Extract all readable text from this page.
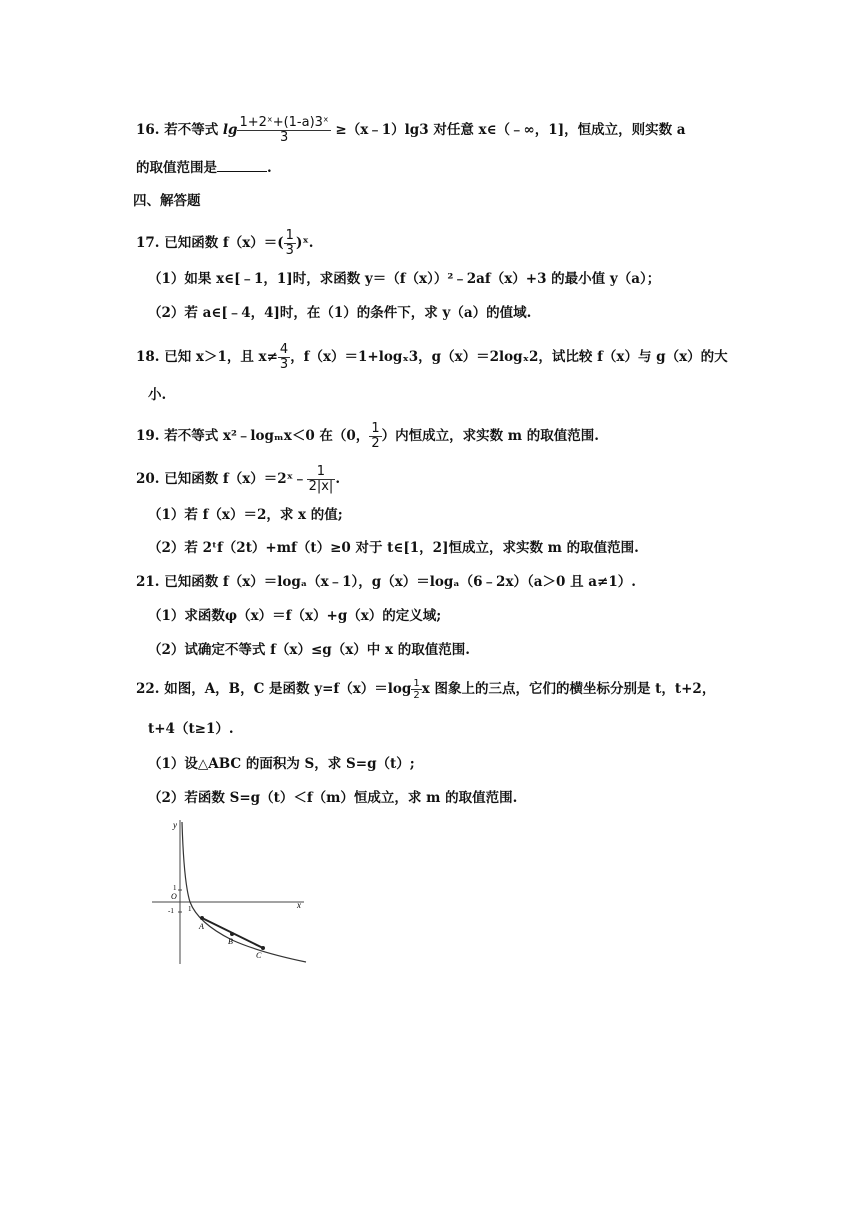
16. 若不等式 $\lg \frac{\text{1+2ˣ+(1-a)3ˣ}}{3}$ ≥（x﹣1）lg3 对任意 x∈（﹣∞，1]，恒成立，则实数 a
的取值范围是	.
四、解答题
17. 已知函数 $f(x)=( \frac{1}{3}$ )ˣ.
（1）如果 x∈[﹣1，1]时，求函数 y＝（f（x））²﹣2af（x）+3 的最小值 y（a）；
（2）若 a∈[﹣4，4]时，在（1）的条件下，求 y（a）的值域.
18. 已知 x＞1，且 $x\ne \frac{4}{3}$ ，f（x）＝1+logₓ3，g（x）＝2logₓ2，试比较 f（x）与 g（x）的大
小.
19. 若不等式 x²﹣logₘx＜0 在（0， $\frac{1}{2}$ ）内恒成立，求实数 m 的取值范围.
20. 已知函数 f（x）＝2ˣ﹣ $\frac{1}{2|x|}$ .
（1）若 f（x）＝2，求 x 的值;
（2）若 2ᵗf（2t）+mf（t）≥0 对于 t∈[1，2]恒成立，求实数 m 的取值范围.
21. 已知函数 f（x）＝logₐ（x﹣1），g（x）＝logₐ（6﹣2x）（a＞0 且 a≠1）.
（1）求函数φ（x）＝f（x）+g（x）的定义域;
（2）试确定不等式 f（x）≤g（x）中 x 的取值范围.
22. 如图，A，B，C 是函数 $y=f(x)=\log \frac{1}{2}$ x 图象上的三点，它们的横坐标分别是 t，t+2，
t+4（t≥1）.
（1）设△ABC 的面积为 S，求 S=g（t）;
（2）若函数 S=g（t）＜f（m）恒成立，求 m 的取值范围.
y
x
O
1
-1 1
A
B
C
